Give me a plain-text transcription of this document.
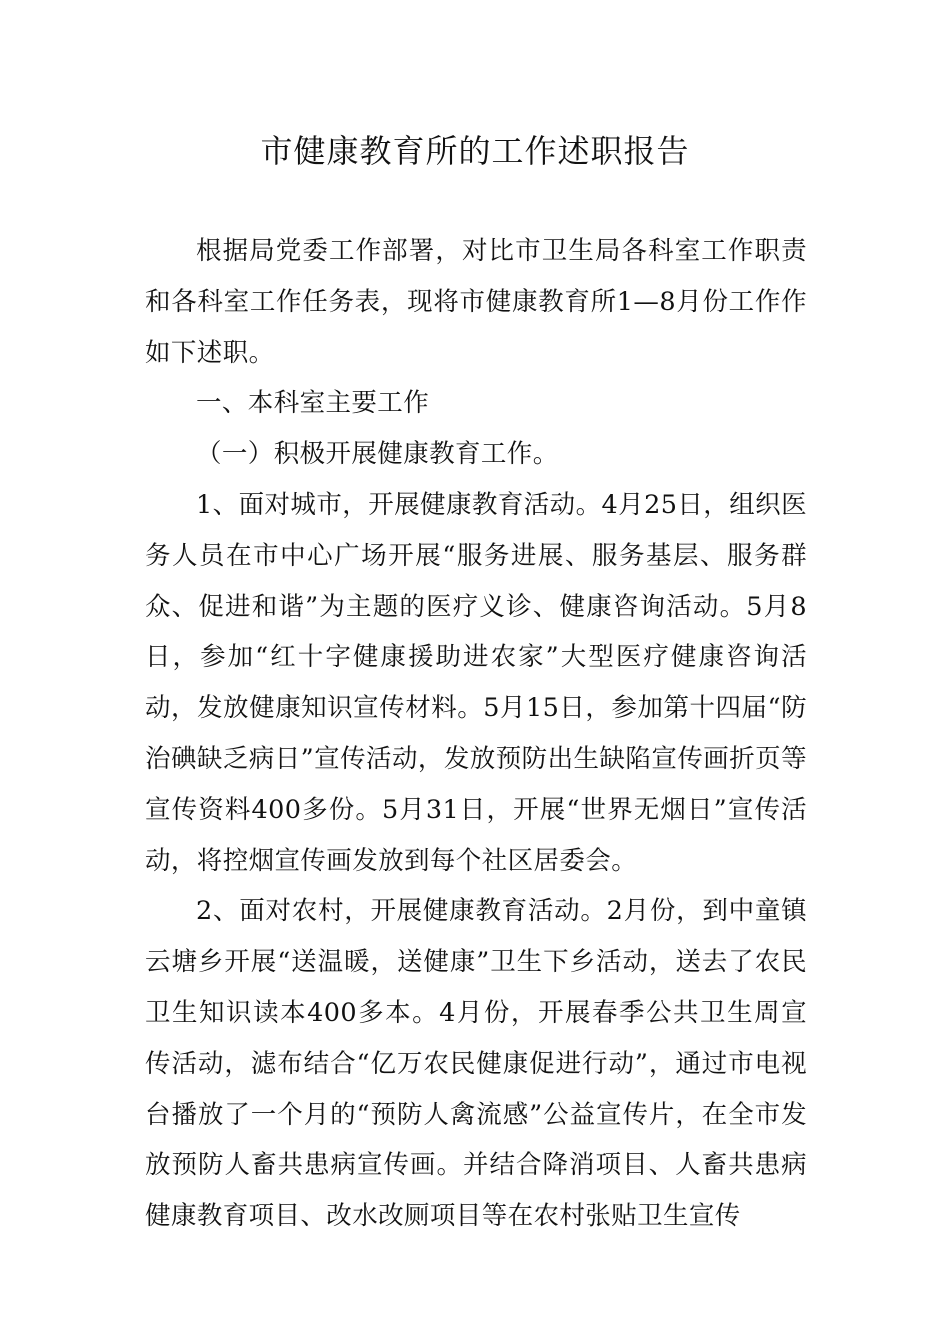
市健康教育所的工作述职报告

根据局党委工作部署，对比市卫生局各科室工作职责和各科室工作任务表，现将市健康教育所1—8月份工作作如下述职。

一、本科室主要工作

（一）积极开展健康教育工作。

1、面对城市，开展健康教育活动。4月25日，组织医务人员在市中心广场开展“服务进展、服务基层、服务群众、促进和谐”为主题的医疗义诊、健康咨询活动。5月8日，参加“红十字健康援助进农家”大型医疗健康咨询活动，发放健康知识宣传材料。5月15日，参加第十四届“防治碘缺乏病日”宣传活动，发放预防出生缺陷宣传画折页等宣传资料400多份。5月31日，开展“世界无烟日”宣传活动，将控烟宣传画发放到每个社区居委会。

2、面对农村，开展健康教育活动。2月份，到中童镇云塘乡开展“送温暖，送健康”卫生下乡活动，送去了农民卫生知识读本400多本。4月份，开展春季公共卫生周宣传活动，滤布结合“亿万农民健康促进行动”，通过市电视台播放了一个月的“预防人禽流感”公益宣传片，在全市发放预防人畜共患病宣传画。并结合降消项目、人畜共患病健康教育项目、改水改厕项目等在农村张贴卫生宣传
